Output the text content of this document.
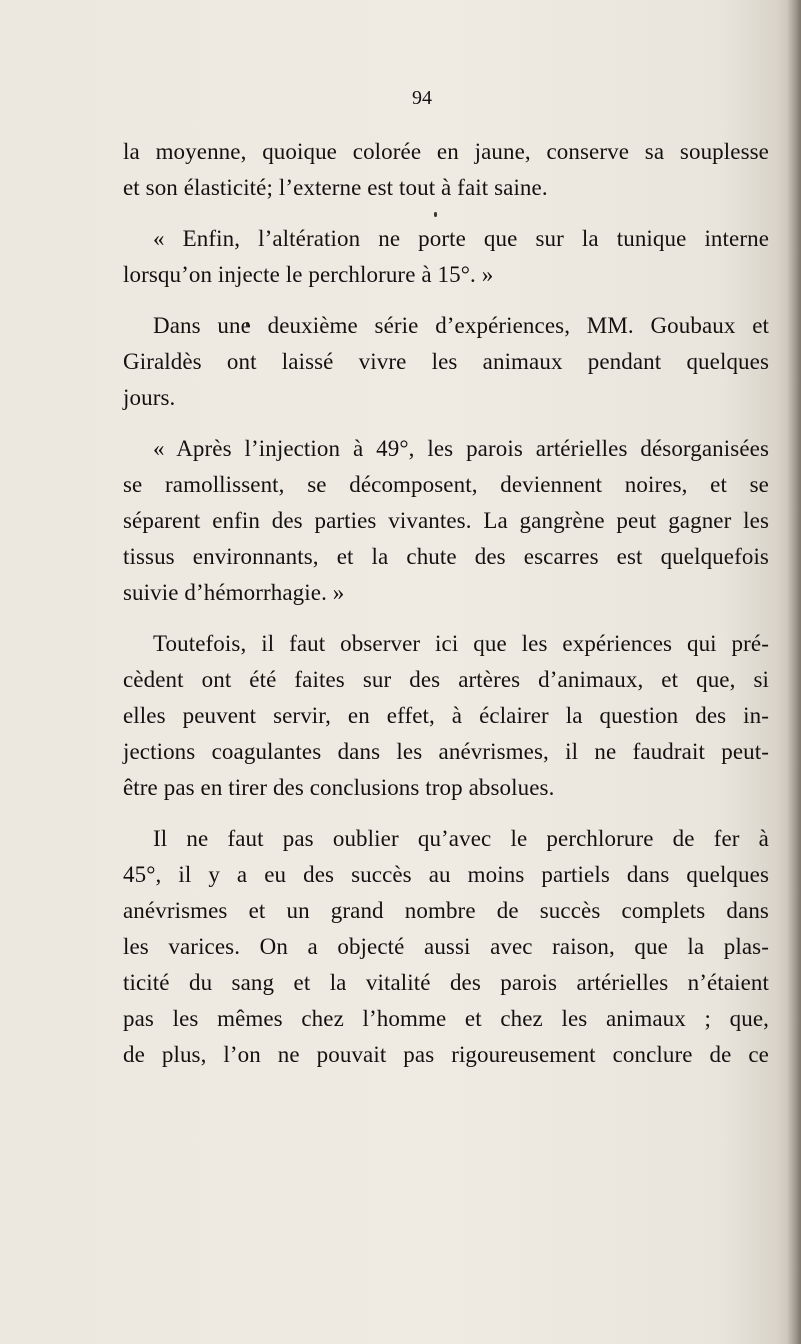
94
la moyenne, quoique colorée en jaune, conserve sa souplesse
et son élasticité; l’externe est tout à fait saine.
« Enfin, l’altération ne porte que sur la tunique interne
lorsqu’on injecte le perchlorure à 15°. »
Dans une deuxième série d’expériences, MM. Goubaux et
Giraldès ont laissé vivre les animaux pendant quelques
jours.
« Après l’injection à 49°, les parois artérielles désorganisées
se ramollissent, se décomposent, deviennent noires, et se
séparent enfin des parties vivantes. La gangrène peut gagner les
tissus environnants, et la chute des escarres est quelquefois
suivie d’hémorrhagie. »
Toutefois, il faut observer ici que les expériences qui pré-
cèdent ont été faites sur des artères d’animaux, et que, si
elles peuvent servir, en effet, à éclairer la question des in-
jections coagulantes dans les anévrismes, il ne faudrait peut-
être pas en tirer des conclusions trop absolues.
Il ne faut pas oublier qu’avec le perchlorure de fer à
45°, il y a eu des succès au moins partiels dans quelques
anévrismes et un grand nombre de succès complets dans
les varices. On a objecté aussi avec raison, que la plas-
ticité du sang et la vitalité des parois artérielles n’étaient
pas les mêmes chez l’homme et chez les animaux ; que,
de plus, l’on ne pouvait pas rigoureusement conclure de ce
